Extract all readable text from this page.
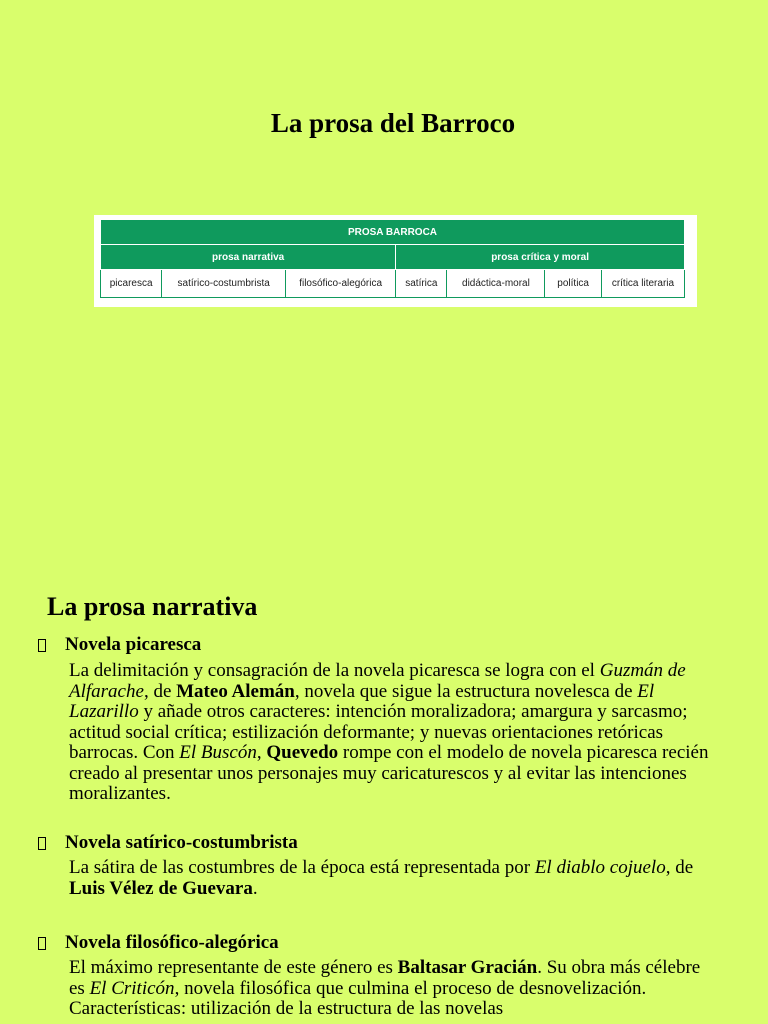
La prosa del Barroco
PROSA BARROCA						
prosa narrativa			prosa crítica y moral			
picaresca	satírico-costumbrista	filosófico-alegórica	satírica	didáctica-moral	política	crítica literaria
La prosa narrativa
Novela picaresca
La delimitación y consagración de la novela picaresca se logra con el Guzmán de Alfarache, de Mateo Alemán, novela que sigue la estructura novelesca de El Lazarillo y añade otros caracteres: intención moralizadora; amargura y sarcasmo; actitud social crítica; estilización deformante; y nuevas orientaciones retóricas barrocas. Con El Buscón, Quevedo rompe con el modelo de novela picaresca recién creado al presentar unos personajes muy caricaturescos y al evitar las intenciones moralizantes.
Novela satírico-costumbrista
La sátira de las costumbres de la época está representada por El diablo cojuelo, de Luis Vélez de Guevara.
Novela filosófico-alegórica
El máximo representante de este género es Baltasar Gracián. Su obra más célebre es El Criticón, novela filosófica que culmina el proceso de desnovelización. Características: utilización de la estructura de las novelas
